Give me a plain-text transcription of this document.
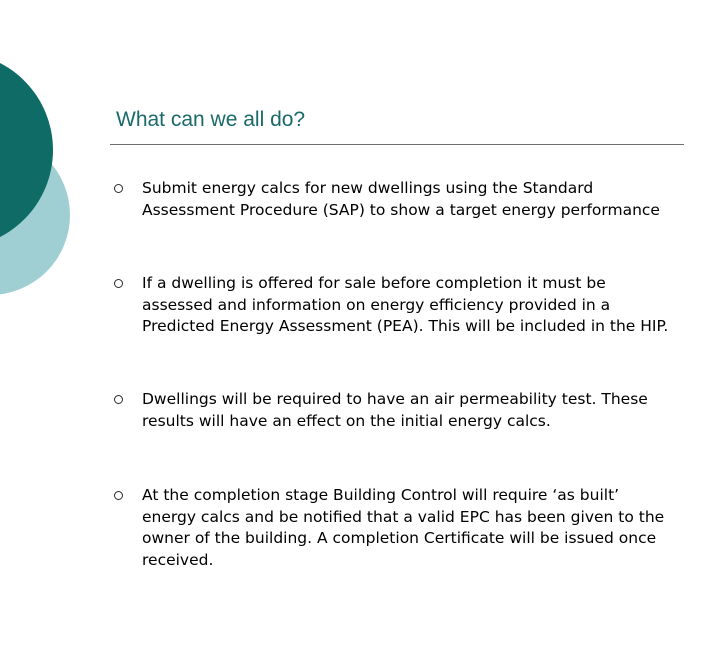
What can we all do?
Submit energy calcs for new dwellings using the Standard Assessment Procedure (SAP) to show a target energy performance
If a dwelling is offered for sale before completion it must be assessed and information on energy efficiency provided in a Predicted Energy Assessment (PEA). This will be included in the HIP.
Dwellings will be required to have an air permeability test. These results will have an effect on the initial energy calcs.
At the completion stage Building Control will require ‘as built’ energy calcs and be notified that a valid EPC has been given to the owner of the building. A completion Certificate will be issued once received.
